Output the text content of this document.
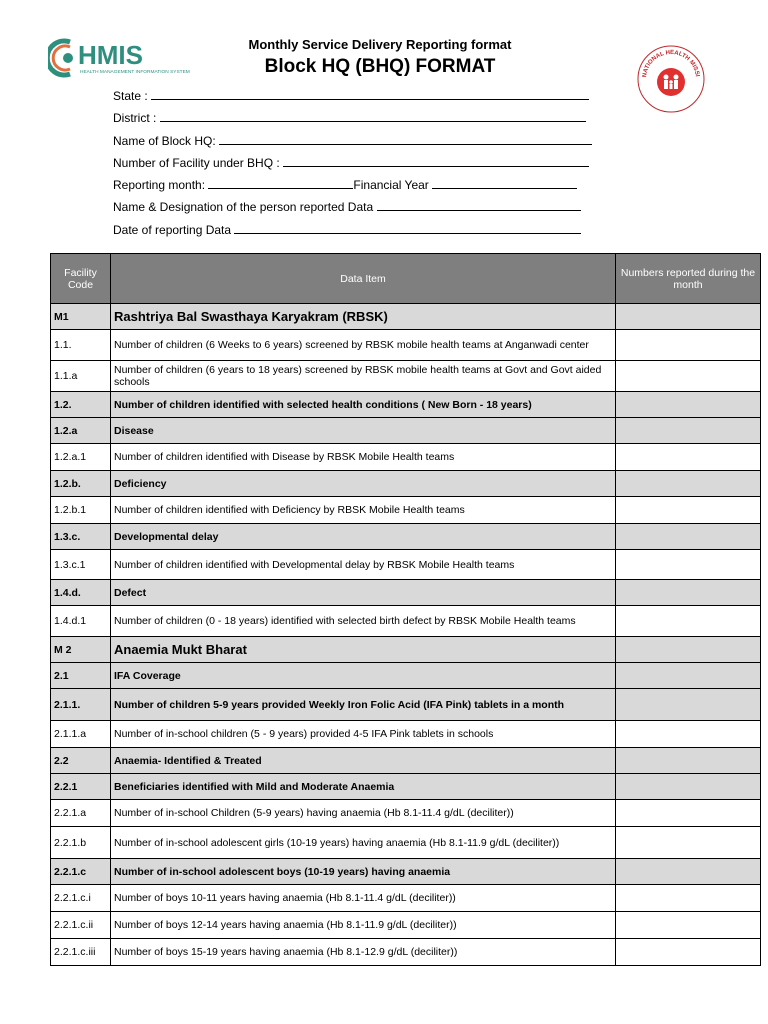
HMIS
HEALTH MANAGEMENT INFORMATION SYSTEM
NATIONAL HEALTH MISSI
Monthly Service Delivery Reporting format
Block HQ (BHQ) FORMAT
State :
District :
Name of Block HQ:
Number of Facility under BHQ :
Reporting month:	Financial Year
Name & Designation of the person reported Data
Date of reporting Data
Facility Code	Data Item	Numbers reported during the month
M1	Rashtriya Bal Swasthaya Karyakram (RBSK)	
1.1.	Number of children (6 Weeks to 6 years) screened by RBSK mobile health teams at Anganwadi center	
1.1.a	Number of children (6 years to 18 years) screened by RBSK mobile health teams at Govt and Govt aided schools	
1.2.	Number of children identified with selected health conditions ( New Born - 18 years)	
1.2.a	Disease	
1.2.a.1	Number of children identified with Disease by RBSK Mobile Health teams	
1.2.b.	Deficiency	
1.2.b.1	Number of children identified with Deficiency by RBSK Mobile Health teams	
1.3.c.	Developmental delay	
1.3.c.1	Number of children identified with Developmental delay by RBSK Mobile Health teams	
1.4.d.	Defect	
1.4.d.1	Number of children (0 - 18 years) identified with selected birth defect by RBSK Mobile Health teams	
M 2	Anaemia Mukt Bharat	
2.1	IFA Coverage	
2.1.1.	Number of children 5-9 years provided Weekly Iron Folic Acid (IFA Pink) tablets in a month	
2.1.1.a	Number of in-school children (5 - 9 years) provided 4-5 IFA Pink tablets in schools	
2.2	Anaemia- Identified & Treated	
2.2.1	Beneficiaries identified with Mild and Moderate Anaemia	
2.2.1.a	Number of in-school Children (5-9 years) having anaemia (Hb 8.1-11.4 g/dL (deciliter))	
2.2.1.b	Number of in-school adolescent girls (10-19 years) having anaemia (Hb 8.1-11.9 g/dL (deciliter))	
2.2.1.c	Number of in-school adolescent boys (10-19 years) having anaemia	
2.2.1.c.i	Number of boys 10-11 years having anaemia (Hb 8.1-11.4 g/dL (deciliter))	
2.2.1.c.ii	Number of boys 12-14 years having anaemia (Hb 8.1-11.9 g/dL (deciliter))	
2.2.1.c.iii	Number of boys 15-19 years having anaemia (Hb 8.1-12.9 g/dL (deciliter))	
